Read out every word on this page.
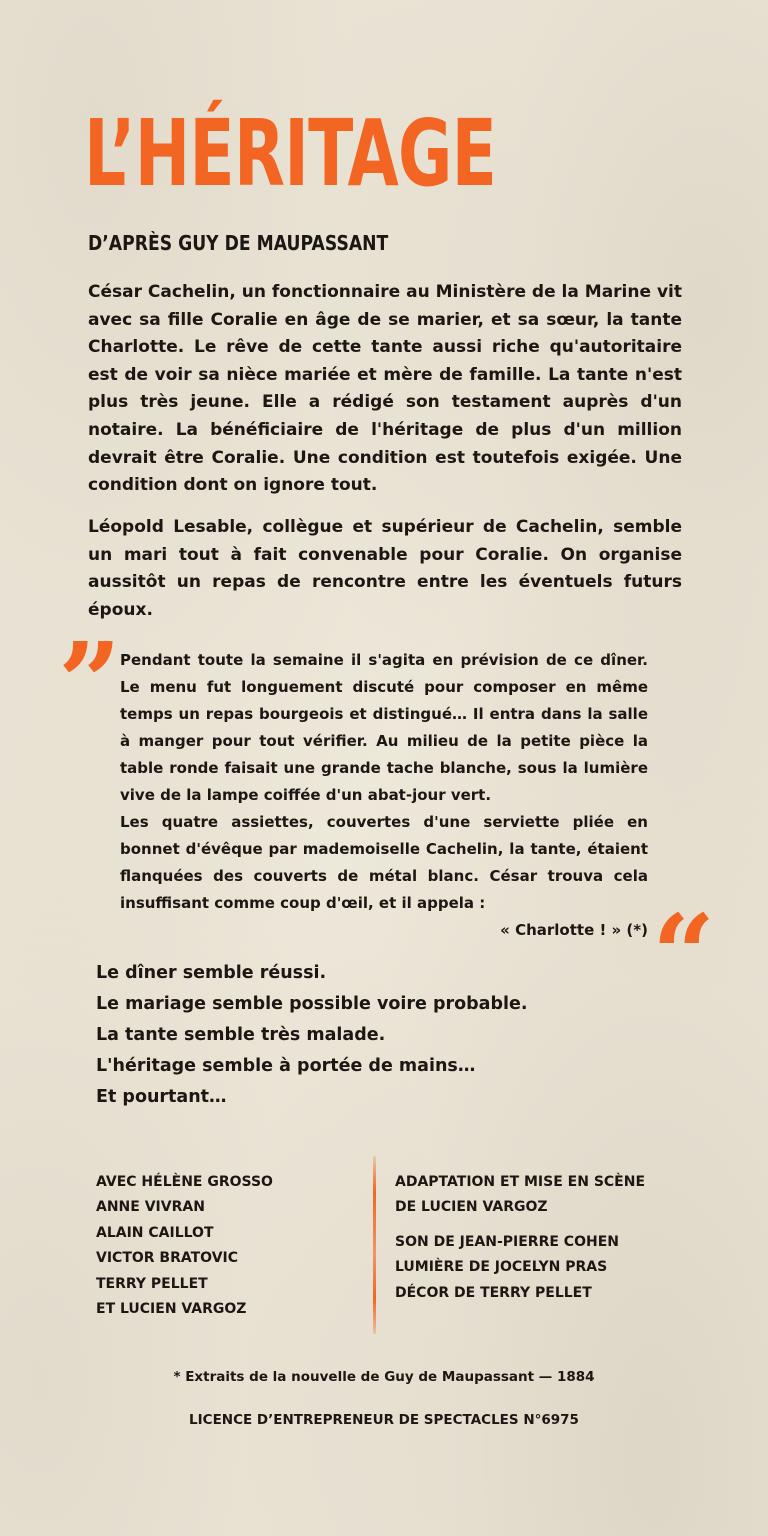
L’HÉRITAGE
D’APRÈS GUY DE MAUPASSANT

César Cachelin, un fonctionnaire au Ministère de la Marine vit avec sa fille Coralie en âge de se marier, et sa sœur, la tante Charlotte. Le rêve de cette tante aussi riche qu'autoritaire est de voir sa nièce mariée et mère de famille. La tante n'est plus très jeune. Elle a rédigé son testament auprès d'un notaire. La bénéficiaire de l'héritage de plus d'un million devrait être Coralie. Une condition est toutefois exigée. Une condition dont on ignore tout.

Léopold Lesable, collègue et supérieur de Cachelin, semble un mari tout à fait convenable pour Coralie. On organise aussitôt un repas de rencontre entre les éventuels futurs époux.

”

Pendant toute la semaine il s'agita en prévision de ce dîner. Le menu fut longuement discuté pour composer en même temps un repas bourgeois et distingué… Il entra dans la salle à manger pour tout vérifier. Au milieu de la petite pièce la table ronde faisait une grande tache blanche, sous la lumière vive de la lampe coiffée d'un abat-jour vert.

Les quatre assiettes, couvertes d'une serviette pliée en bonnet d'évêque par mademoiselle Cachelin, la tante, étaient flanquées des couverts de métal blanc. César trouva cela insuffisant comme coup d'œil, et il appela :

« Charlotte ! » (*) “
Le dîner semble réussi.
Le mariage semble possible voire probable.
La tante semble très malade.
L'héritage semble à portée de mains…
Et pourtant…
AVEC HÉLÈNE GROSSO
ANNE VIVRAN
ALAIN CAILLOT
VICTOR BRATOVIC
TERRY PELLET
ET LUCIEN VARGOZ
ADAPTATION ET MISE EN SCÈNE
DE LUCIEN VARGOZ
SON DE JEAN-PIERRE COHEN
LUMIÈRE DE JOCELYN PRAS
DÉCOR DE TERRY PELLET

* Extraits de la nouvelle de Guy de Maupassant — 1884

LICENCE D’ENTREPRENEUR DE SPECTACLES N°6975
